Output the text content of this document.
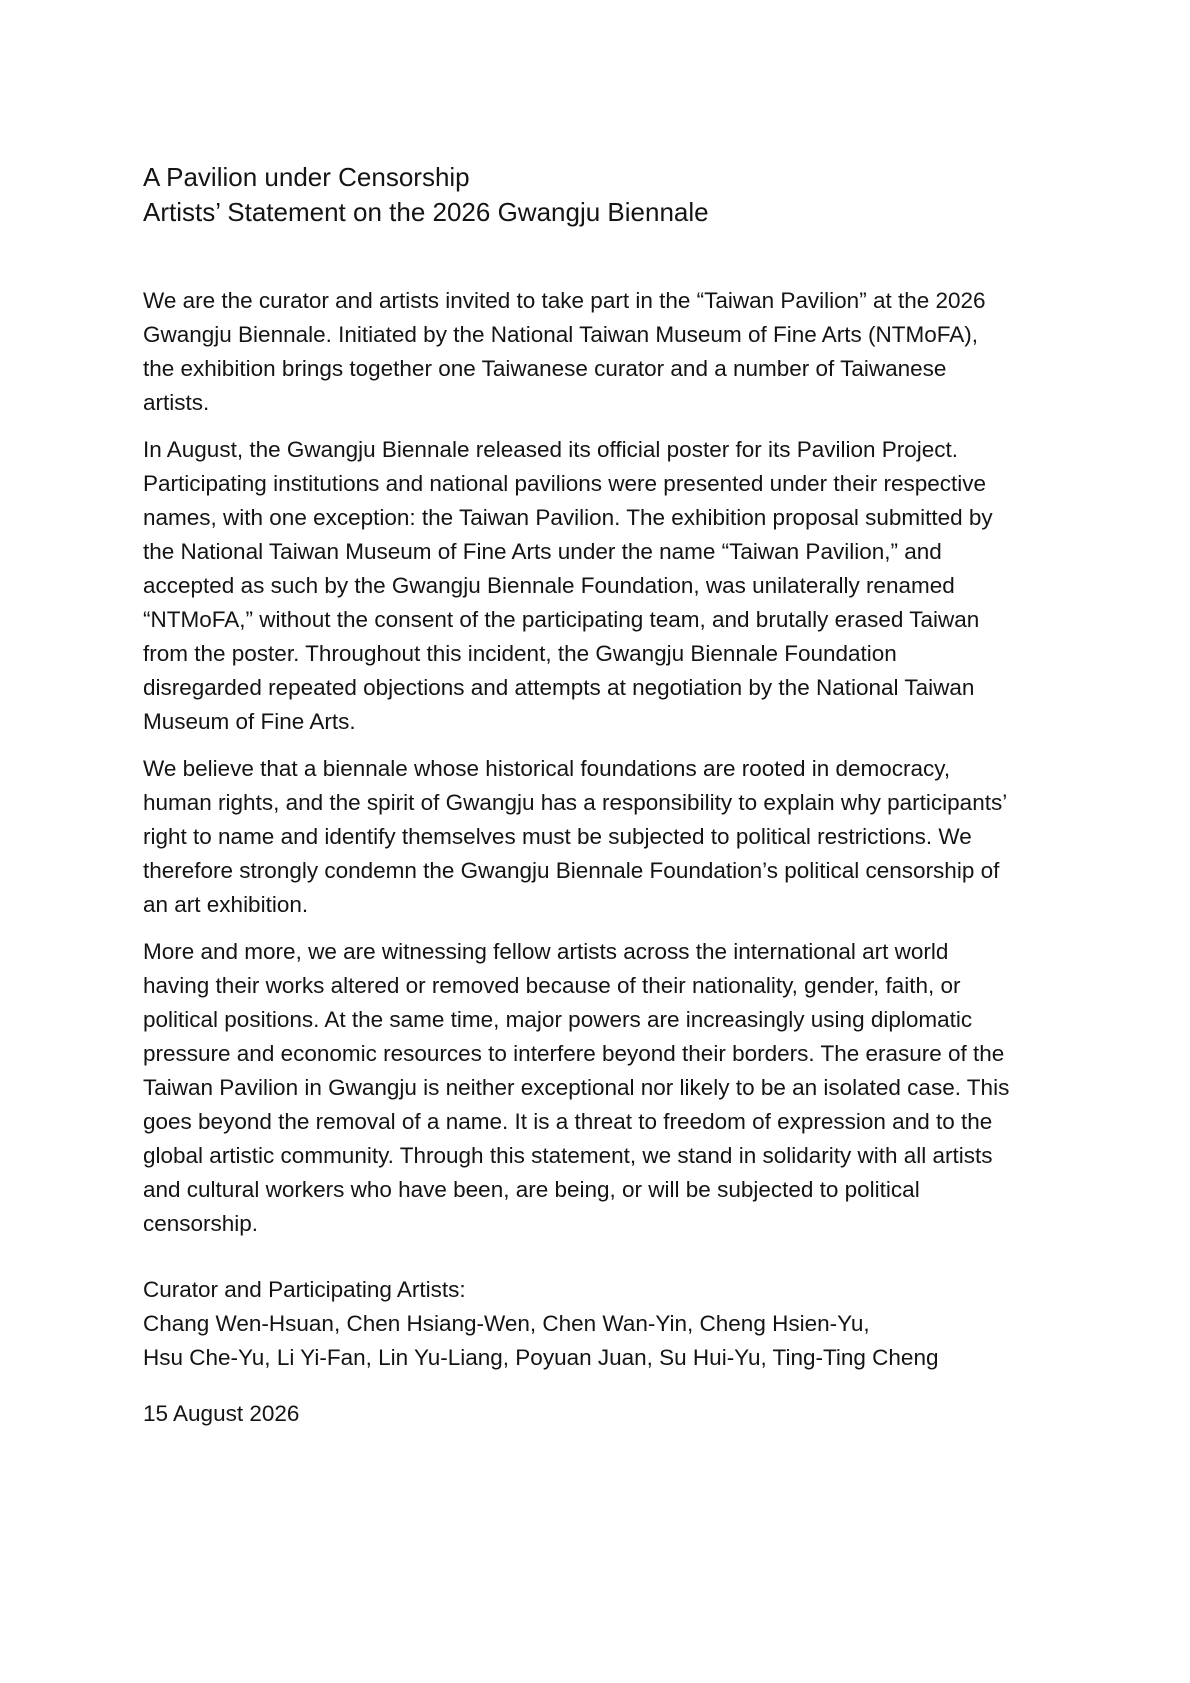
A Pavilion under Censorship
Artists’ Statement on the 2026 Gwangju Biennale

We are the curator and artists invited to take part in the “Taiwan Pavilion” at the 2026 Gwangju Biennale. Initiated by the National Taiwan Museum of Fine Arts (NTMoFA), the exhibition brings together one Taiwanese curator and a number of Taiwanese artists.

In August, the Gwangju Biennale released its official poster for its Pavilion Project. Participating institutions and national pavilions were presented under their respective names, with one exception: the Taiwan Pavilion. The exhibition proposal submitted by the National Taiwan Museum of Fine Arts under the name “Taiwan Pavilion,” and accepted as such by the Gwangju Biennale Foundation, was unilaterally renamed “NTMoFA,” without the consent of the participating team, and brutally erased Taiwan from the poster. Throughout this incident, the Gwangju Biennale Foundation disregarded repeated objections and attempts at negotiation by the National Taiwan Museum of Fine Arts.

We believe that a biennale whose historical foundations are rooted in democracy, human rights, and the spirit of Gwangju has a responsibility to explain why participants’ right to name and identify themselves must be subjected to political restrictions. We therefore strongly condemn the Gwangju Biennale Foundation’s political censorship of an art exhibition.

More and more, we are witnessing fellow artists across the international art world having their works altered or removed because of their nationality, gender, faith, or political positions. At the same time, major powers are increasingly using diplomatic pressure and economic resources to interfere beyond their borders. The erasure of the Taiwan Pavilion in Gwangju is neither exceptional nor likely to be an isolated case. This goes beyond the removal of a name. It is a threat to freedom of expression and to the global artistic community. Through this statement, we stand in solidarity with all artists and cultural workers who have been, are being, or will be subjected to political censorship.

Curator and Participating Artists:
Chang Wen-Hsuan, Chen Hsiang-Wen, Chen Wan-Yin, Cheng Hsien-Yu,
Hsu Che-Yu, Li Yi-Fan, Lin Yu-Liang, Poyuan Juan, Su Hui-Yu, Ting-Ting Cheng
15 August 2026
